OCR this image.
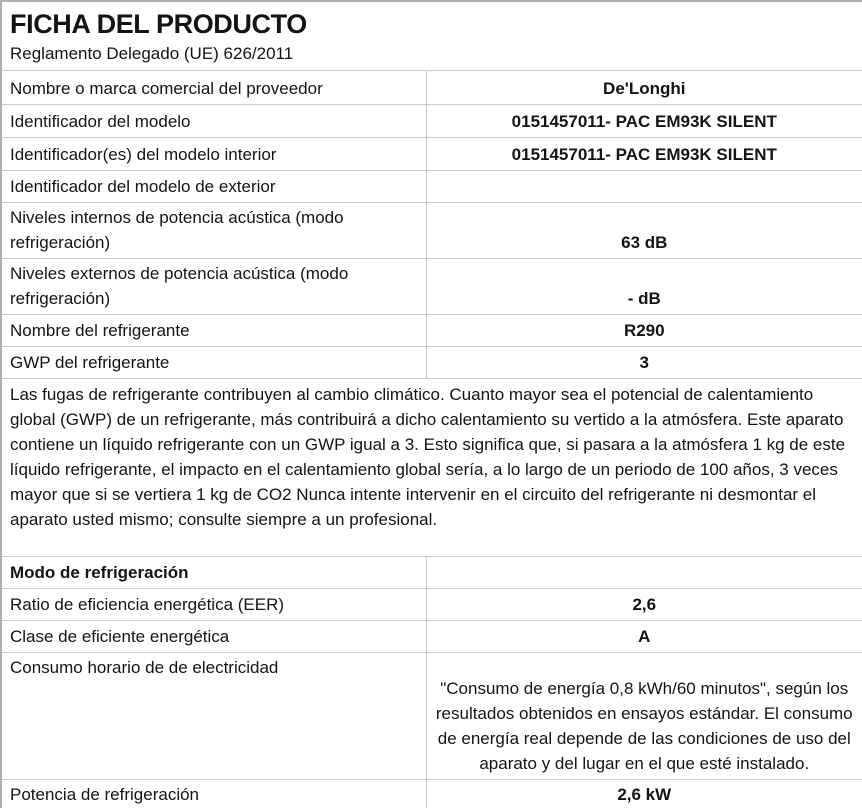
FICHA DEL PRODUCTO
Reglamento Delegado (UE) 626/2011	

Nombre o marca comercial del proveedor	De'Longhi
Identificador del modelo	0151457011- PAC EM93K SILENT
Identificador(es) del modelo interior	0151457011- PAC EM93K SILENT
Identificador del modelo de exterior	
Niveles internos de potencia acústica (modo refrigeración)	63 dB
Niveles externos de potencia acústica (modo refrigeración)	- dB
Nombre del refrigerante	R290
GWP del refrigerante	3
Las fugas de refrigerante contribuyen al cambio climático. Cuanto mayor sea el potencial de calentamiento global (GWP) de un refrigerante, más contribuirá a dicho calentamiento su vertido a la atmósfera. Este aparato contiene un líquido refrigerante con un GWP igual a 3. Esto significa que, si pasara a la atmósfera 1 kg de este líquido refrigerante, el impacto en el calentamiento global sería, a lo largo de un periodo de 100 años, 3 veces mayor que si se vertiera 1 kg de CO2 Nunca intente intervenir en el circuito del refrigerante ni desmontar el aparato usted mismo; consulte siempre a un profesional.	
Modo de refrigeración	
Ratio de eficiencia energética (EER)	2,6
Clase de eficiente energética	A
Consumo horario de de electricidad	"Consumo de energía 0,8 kWh/60 minutos", según los resultados obtenidos en ensayos estándar. El consumo de energía real depende de las condiciones de uso del aparato y del lugar en el que esté instalado.
Potencia de refrigeración	2,6 kW
